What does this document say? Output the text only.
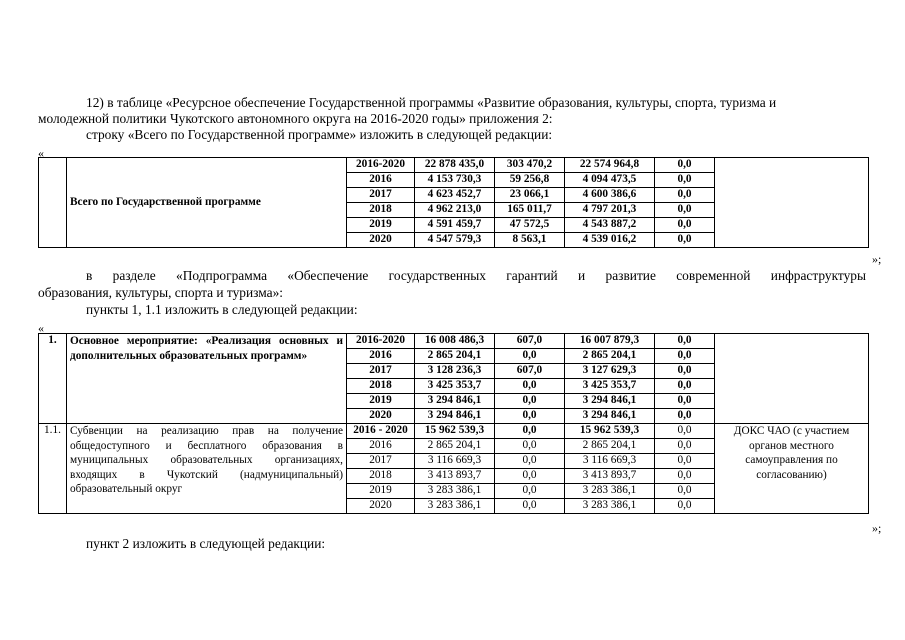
12) в таблице «Ресурсное обеспечение Государственной программы «Развитие образования, культуры, спорта, туризма и
молодежной политики Чукотского автономного округа на 2016-2020 годы» приложения 2:
строку «Всего по Государственной программе» изложить в следующей редакции:
«
	Всего по Государственной программе	2016-2020	22 878 435,0	303 470,2	22 574 964,8	0,0	
		2016	4 153 730,3	59 256,8	4 094 473,5	0,0	
		2017	4 623 452,7	23 066,1	4 600 386,6	0,0	
		2018	4 962 213,0	165 011,7	4 797 201,3	0,0	
		2019	4 591 459,7	47 572,5	4 543 887,2	0,0	
		2020	4 547 579,3	8 563,1	4 539 016,2	0,0	
»;
в разделе «Подпрограмма «Обеспечение государственных гарантий и развитие современной инфраструктуры
образования, культуры, спорта и туризма»:
пункты 1, 1.1 изложить в следующей редакции:
«
1.	Основное мероприятие: «Реализация основных и дополнительных образовательных программ»	2016-2020	16 008 486,3	607,0	16 007 879,3	0,0	
		2016	2 865 204,1	0,0	2 865 204,1	0,0	
		2017	3 128 236,3	607,0	3 127 629,3	0,0	
		2018	3 425 353,7	0,0	3 425 353,7	0,0	
		2019	3 294 846,1	0,0	3 294 846,1	0,0	
		2020	3 294 846,1	0,0	3 294 846,1	0,0	
1.1.	Субвенции на реализацию прав на получение общедоступного и бесплатного образования в муниципальных образовательных организациях, входящих в Чукотский (надмуниципальный) образовательный округ	2016 - 2020	15 962 539,3	0,0	15 962 539,3	0,0	ДОКС ЧАО (с участием органов местного самоуправления по согласованию)
		2016	2 865 204,1	0,0	2 865 204,1	0,0	
		2017	3 116 669,3	0,0	3 116 669,3	0,0	
		2018	3 413 893,7	0,0	3 413 893,7	0,0	
		2019	3 283 386,1	0,0	3 283 386,1	0,0	
		2020	3 283 386,1	0,0	3 283 386,1	0,0	
»;
пункт 2 изложить в следующей редакции:
